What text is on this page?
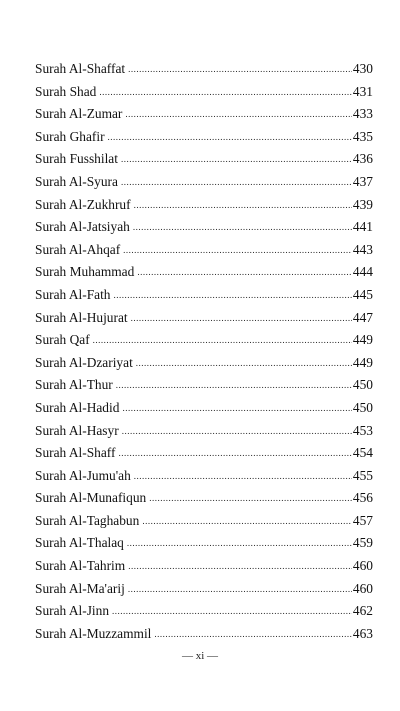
Surah Al-Shaffat .....	430
Surah Shad .....	431
Surah Al-Zumar .....	433
Surah Ghafir .....	435
Surah Fusshilat .....	436
Surah Al-Syura .....	437
Surah Al-Zukhruf .....	439
Surah Al-Jatsiyah .....	441
Surah Al-Ahqaf .....	443
Surah Muhammad .....	444
Surah Al-Fath .....	445
Surah Al-Hujurat .....	447
Surah Qaf .....	449
Surah Al-Dzariyat .....	449
Surah Al-Thur .....	450
Surah Al-Hadid .....	450
Surah Al-Hasyr .....	453
Surah Al-Shaff .....	454
Surah Al-Jumu'ah .....	455
Surah Al-Munafiqun .....	456
Surah Al-Taghabun .....	457
Surah Al-Thalaq .....	459
Surah Al-Tahrim .....	460
Surah Al-Ma'arij .....	460
Surah Al-Jinn .....	462
Surah Al-Muzzammil .....	463
— xi —
